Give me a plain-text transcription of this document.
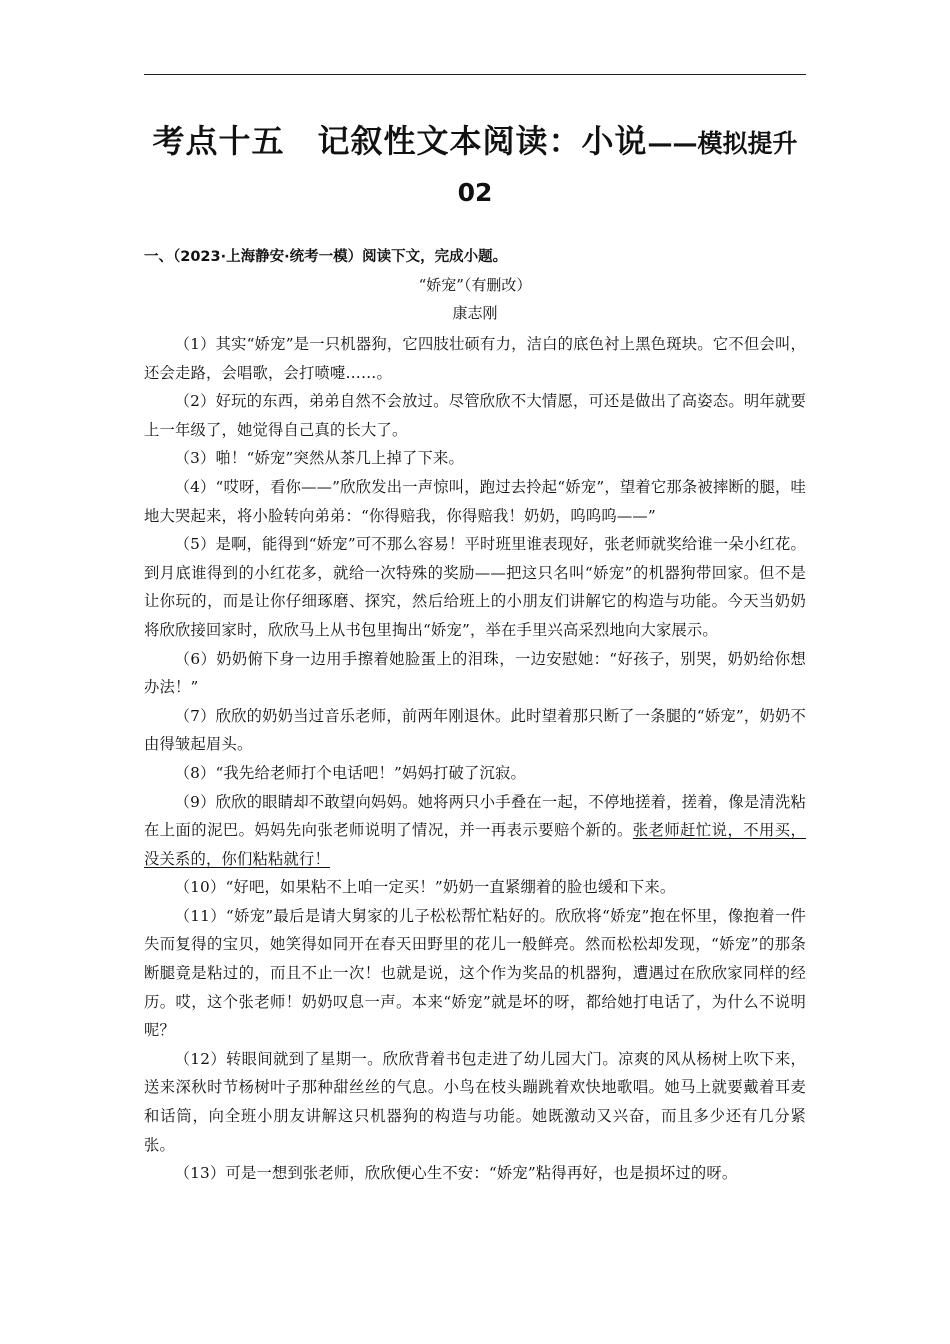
考点十五　记叙性文本阅读：小说——模拟提升02
一、（2023·上海静安·统考一模）阅读下文，完成小题。
“娇宠”（有删改）
康志刚

（1）其实“娇宠”是一只机器狗，它四肢壮硕有力，洁白的底色衬上黑色斑块。它不但会叫，还会走路，会唱歌，会打喷嚏……。

（2）好玩的东西，弟弟自然不会放过。尽管欣欣不大情愿，可还是做出了高姿态。明年就要上一年级了，她觉得自己真的长大了。

（3）啪！“娇宠”突然从茶几上掉了下来。

（4）“哎呀，看你——”欣欣发出一声惊叫，跑过去拎起“娇宠”，望着它那条被摔断的腿，哇地大哭起来，将小脸转向弟弟：“你得赔我，你得赔我！奶奶，呜呜呜——”

（5）是啊，能得到“娇宠”可不那么容易！平时班里谁表现好，张老师就奖给谁一朵小红花。到月底谁得到的小红花多，就给一次特殊的奖励——把这只名叫“娇宠”的机器狗带回家。但不是让你玩的，而是让你仔细琢磨、探究，然后给班上的小朋友们讲解它的构造与功能。今天当奶奶将欣欣接回家时，欣欣马上从书包里掏出“娇宠”，举在手里兴高采烈地向大家展示。

（6）奶奶俯下身一边用手擦着她脸蛋上的泪珠，一边安慰她：“好孩子，别哭，奶奶给你想办法！”

（7）欣欣的奶奶当过音乐老师，前两年刚退休。此时望着那只断了一条腿的“娇宠”，奶奶不由得皱起眉头。

（8）“我先给老师打个电话吧！”妈妈打破了沉寂。

（9）欣欣的眼睛却不敢望向妈妈。她将两只小手叠在一起，不停地搓着，搓着，像是清洗粘在上面的泥巴。妈妈先向张老师说明了情况，并一再表示要赔个新的。张老师赶忙说，不用买，没关系的，你们粘粘就行！

（10）“好吧，如果粘不上咱一定买！”奶奶一直紧绷着的脸也缓和下来。

（11）“娇宠”最后是请大舅家的儿子松松帮忙粘好的。欣欣将“娇宠”抱在怀里，像抱着一件失而复得的宝贝，她笑得如同开在春天田野里的花儿一般鲜亮。然而松松却发现，“娇宠”的那条断腿竟是粘过的，而且不止一次！也就是说，这个作为奖品的机器狗，遭遇过在欣欣家同样的经历。哎，这个张老师！奶奶叹息一声。本来“娇宠”就是坏的呀，都给她打电话了，为什么不说明呢？

（12）转眼间就到了星期一。欣欣背着书包走进了幼儿园大门。凉爽的风从杨树上吹下来，送来深秋时节杨树叶子那种甜丝丝的气息。小鸟在枝头蹦跳着欢快地歌唱。她马上就要戴着耳麦和话筒，向全班小朋友讲解这只机器狗的构造与功能。她既激动又兴奋，而且多少还有几分紧张。

（13）可是一想到张老师，欣欣便心生不安：“娇宠”粘得再好，也是损坏过的呀。
